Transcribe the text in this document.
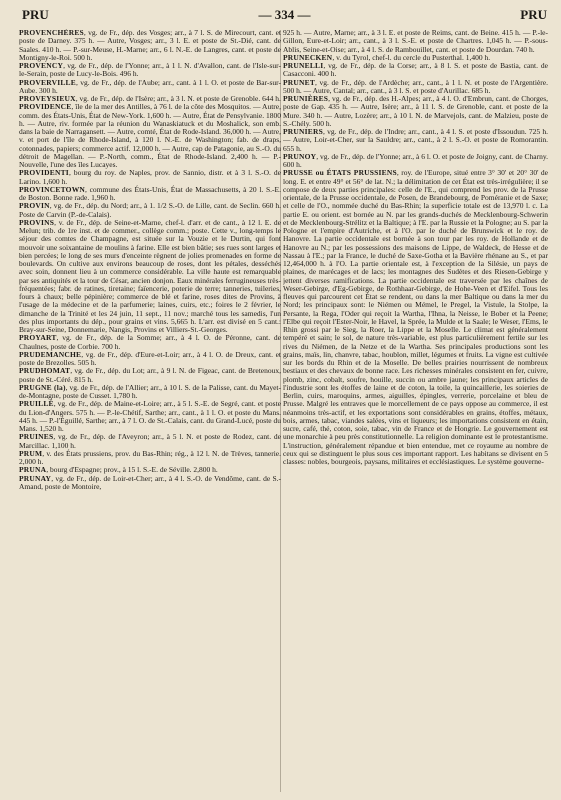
PRU	— 334 —	PRU

PROVENCHÈRES, vg. de Fr., dép. des Vosges; arr., à 7 l. S. de Mirecourt, cant. et poste de Darney. 375 h. — Autre, Vosges; arr., 3 l. E. et poste de St.-Dié, cant. de Saales. 410 h. — P.-sur-Meuse, H.-Marne; arr., 6 l. N.-E. de Langres, cant. et poste de Montigny-le-Roi. 500 h.

PROVENCY, vg. de Fr., dép. de l'Yonne; arr., à 1 l. N. d'Avallon, cant. de l'Isle-sur-le-Serain, poste de Lucy-le-Bois. 496 h.

PROVERVILLE, vg. de Fr., dép. de l'Aube; arr., cant. à 1 l. O. et poste de Bar-sur-Aube. 300 h.

PROVEYSIEUX, vg. de Fr., dép. de l'Isère; arr., à 3 l. N. et poste de Grenoble. 644 h.

PROVIDENCE, île de la mer des Antilles, à 76 l. de la côte des Mosquitos. — Autre, comm. des États-Unis, État de New-York. 1,600 h. — Autre, État de Pensylvanie. 1800 h. — Autre, riv. formée par la réunion du Wanaskiatuck et du Moshalick, son emb. dans la baie de Narragansett. — Autre, comté, État de Rode-Island. 36,000 h. — Autre, v. et port de l'île de Rhode-Island, à 120 l. N.-E. de Washington; fab. de draps, cotonnades, papiers; commerce actif. 12,000 h. — Autre, cap de Patagonie, au S.-O. du détroit de Magellan. — P.-North, comm., État de Rhode-Island. 2,400 h. — P.-Nouvelle, l'une des îles Lucayes.

PROVIDENTI, bourg du roy. de Naples, prov. de Sannio, distr. et à 3 l. S.-O. de Larino. 1,600 h.

PROVINCETOWN, commune des États-Unis, État de Massachusetts, à 20 l. S.-E. de Boston. Bonne rade. 1,960 h.

PROVIN, vg. de Fr., dép. du Nord; arr., à 1. 1/2 S.-O. de Lille, cant. de Seclin. 660 h. Poste de Carvin (P.-de-Calais).

PROVINS, v. de Fr., dép. de Seine-et-Marne, chef-l. d'arr. et de cant., à 12 l. E. de Melun; trib. de 1re inst. et de commer., collège comm.; poste. Cette v., long-temps le séjour des comtes de Champagne, est située sur la Vouzie et le Durtin, qui font mouvoir une soixantaine de moulins à farine. Elle est bien bâtie; ses rues sont larges et bien percées; le long de ses murs d'enceinte règnent de jolies promenades en forme de boulevards. On cultive aux environs beaucoup de roses, dont les pétales, desséchés avec soin, donnent lieu à un commerce considérable. La ville haute est remarquable par ses antiquités et la tour de César, ancien donjon. Eaux minérales ferrugineuses très-fréquentées; fabr. de ratines, tiretaine; faïencerie, poterie de terre; tanneries, tuileries, fours à chaux; belle pépinière; commerce de blé et farine, roses dites de Provins, à l'usage de la médecine et de la parfumerie; laines, cuirs, etc.; foires le 2 février, le dimanche de la Trinité et les 24 juin, 11 sept., 11 nov.; marché tous les samedis, l'un des plus importants du dép., pour grains et vins. 5,665 h. L'arr. est divisé en 5 cant.: Bray-sur-Seine, Donnemarie, Nangis, Provins et Villiers-St.-Georges.

PROYART, vg. de Fr., dép. de la Somme; arr., à 4 l. O. de Péronne, cant. de Chaulnes, poste de Corbie. 700 h.

PRUDEMANCHE, vg. de Fr., dép. d'Eure-et-Loir; arr., à 4 l. O. de Dreux, cant. et poste de Brezolles. 505 h.

PRUDHOMAT, vg. de Fr., dép. du Lot; arr., à 9 l. N. de Figeac, cant. de Bretenoux, poste de St.-Céré. 815 h.

PRUGNE (la), vg. de Fr., dép. de l'Allier; arr., à 10 l. S. de la Palisse, cant. du Mayet-de-Montagne, poste de Cusset. 1,780 h.

PRUILLÉ, vg. de Fr., dép. de Maine-et-Loire; arr., à 5 l. S.-E. de Segré, cant. et poste du Lion-d'Angers. 575 h. — P.-le-Chétif, Sarthe; arr., cant., à 1 l. O. et poste du Mans. 445 h. — P.-l'Éguillé, Sarthe; arr., à 7 l. O. de St.-Calais, cant. du Grand-Lucé, poste du Mans. 1,520 h.

PRUINES, vg. de Fr., dép. de l'Aveyron; arr., à 5 l. N. et poste de Rodez, cant. de Marcillac. 1,100 h.

PRUM, v. des États prussiens, prov. du Bas-Rhin; rég., à 12 l. N. de Trèves, tannerie. 2,000 h.

PRUNA, bourg d'Espagne; prov., à 15 l. S.-E. de Séville. 2,800 h.

PRUNAY, vg. de Fr., dép. de Loir-et-Cher; arr., à 4 l. S.-O. de Vendôme, cant. de S.-Amand, poste de Montoire,

925 h. — Autre, Marne; arr., à 3 l. E. et poste de Reims, cant. de Beine. 415 h. — P.-le-Gillon, Eure-et-Loir; arr., cant., à 3 l. S.-E. et poste de Chartres. 1,045 h. — P.-sous-Ablis, Seine-et-Oise; arr., à 4 l. S. de Rambouillet, cant. et poste de Dourdan. 740 h.

PRUNECKEN, v. du Tyrol, chef-l. du cercle du Pusterthal. 1,400 h.

PRUNELLI, vg. de Fr., dép. de la Corse; arr., à 8 l. S. et poste de Bastia, cant. de Casacconi. 400 h.

PRUNET, vg. de Fr., dép. de l'Ardèche; arr., cant., à 1 l. N. et poste de l'Argentière. 500 h. — Autre, Cantal; arr., cant., à 3 l. S. et poste d'Aurillac. 685 h.

PRUNIÈRES, vg. de Fr., dép. des H.-Alpes; arr., à 4 l. O. d'Embrun, cant. de Chorges, poste de Gap. 435 h. — Autre, Isère; arr., à 11 l. S. de Grenoble, cant. et poste de la Mure. 340 h. — Autre, Lozère; arr., à 10 l. N. de Marvejols, cant. de Malzieu, poste de S.-Chély. 500 h.

PRUNIERS, vg. de Fr., dép. de l'Indre; arr., cant., à 4 l. S. et poste d'Issoudun. 725 h. — Autre, Loir-et-Cher, sur la Sauldre; arr., cant., à 2 l. S.-O. et poste de Romorantin. 655 h.

PRUNOY, vg. de Fr., dép. de l'Yonne; arr., à 6 l. O. et poste de Joigny, cant. de Charny. 600 h.

PRUSSE ou ÉTATS PRUSSIENS, roy. de l'Europe, situé entre 3° 30' et 20° 30' de long. E. et entre 49° et 56° de lat. N.; la délimitation de cet État est très-irrégulière; il se compose de deux parties principales: celle de l'E., qui comprend les prov. de la Prusse orientale, de la Prusse occidentale, de Posen, de Brandebourg, de Poméranie et de Saxe; et celle de l'O., nommée duché du Bas-Rhin; la superficie totale est de 13,970 l. c. La partie E. ou orient. est bornée au N. par les grands-duchés de Mecklenbourg-Schwerin et de Mecklenbourg-Strélitz et la Baltique; à l'E. par la Russie et la Pologne; au S. par la Pologne et l'empire d'Autriche, et à l'O. par le duché de Brunswick et le roy. de Hanovre. La partie occidentale est bornée à son tour par les roy. de Hollande et de Hanovre au N.; par les possessions des maisons de Lippe, de Waldeck, de Hesse et de Nassau à l'E.; par la France, le duché de Saxe-Gotha et la Bavière rhénane au S., et par 12,464,000 h. à l'O. La partie orientale est, à l'exception de la Silésie, un pays de plaines, de marécages et de lacs; les montagnes des Sudètes et des Riesen-Gebirge y jettent diverses ramifications. La partie occidentale est traversée par les chaînes de Weser-Gebirge, d'Eg-Gebirge, de Rothhaar-Gebirge, de Hohe-Veen et d'Eifel. Tous les fleuves qui parcourent cet État se rendent, ou dans la mer Baltique ou dans la mer du Nord; les principaux sont: le Niémen ou Mémel, le Pregel, la Vistule, la Stolpe, la Persante, la Rega, l'Oder qui reçoit la Wartha, l'Ihna, la Neisse, le Bober et la Peene; l'Elbe qui reçoit l'Ester-Noir, le Havel, la Sprée, la Mulde et la Saale; le Weser, l'Ems, le Rhin grossi par le Sieg, la Roer, la Lippe et la Moselle. Le climat est généralement tempéré et sain; le sol, de nature très-variable, est plus particulièrement fertile sur les rives du Niémen, de la Netze et de la Wartha. Ses principales productions sont les grains, maïs, lin, chanvre, tabac, houblon, millet, légumes et fruits. La vigne est cultivée sur les bords du Rhin et de la Moselle. De belles prairies nourrissent de nombreux bestiaux et des chevaux de bonne race. Les richesses minérales consistent en fer, cuivre, plomb, zinc, cobalt, soufre, houille, succin ou ambre jaune; les principaux articles de l'industrie sont les étoffes de laine et de coton, la toile, la quincaillerie, les soieries de Berlin, cuirs, maroquins, armes, aiguilles, épingles, verrerie, porcelaine et bleu de Prusse. Malgré les entraves que le morcellement de ce pays oppose au commerce, il est néanmoins très-actif, et les exportations sont considérables en grains, étoffes, métaux, bois, armes, tabac, viandes salées, vins et liqueurs; les importations consistent en étain, sucre, café, thé, coton, soie, tabac, vin de France et de Hongrie. Le gouvernement est une monarchie à peu près constitutionnelle. La religion dominante est le protestantisme. L'instruction, généralement répandue et bien entendue, met ce royaume au nombre de ceux qui se distinguent le plus sous ces important rapport. Les habitans se divisent en 5 classes: nobles, bourgeois, paysans, militaires et ecclésiastiques. Le système gouverne-
